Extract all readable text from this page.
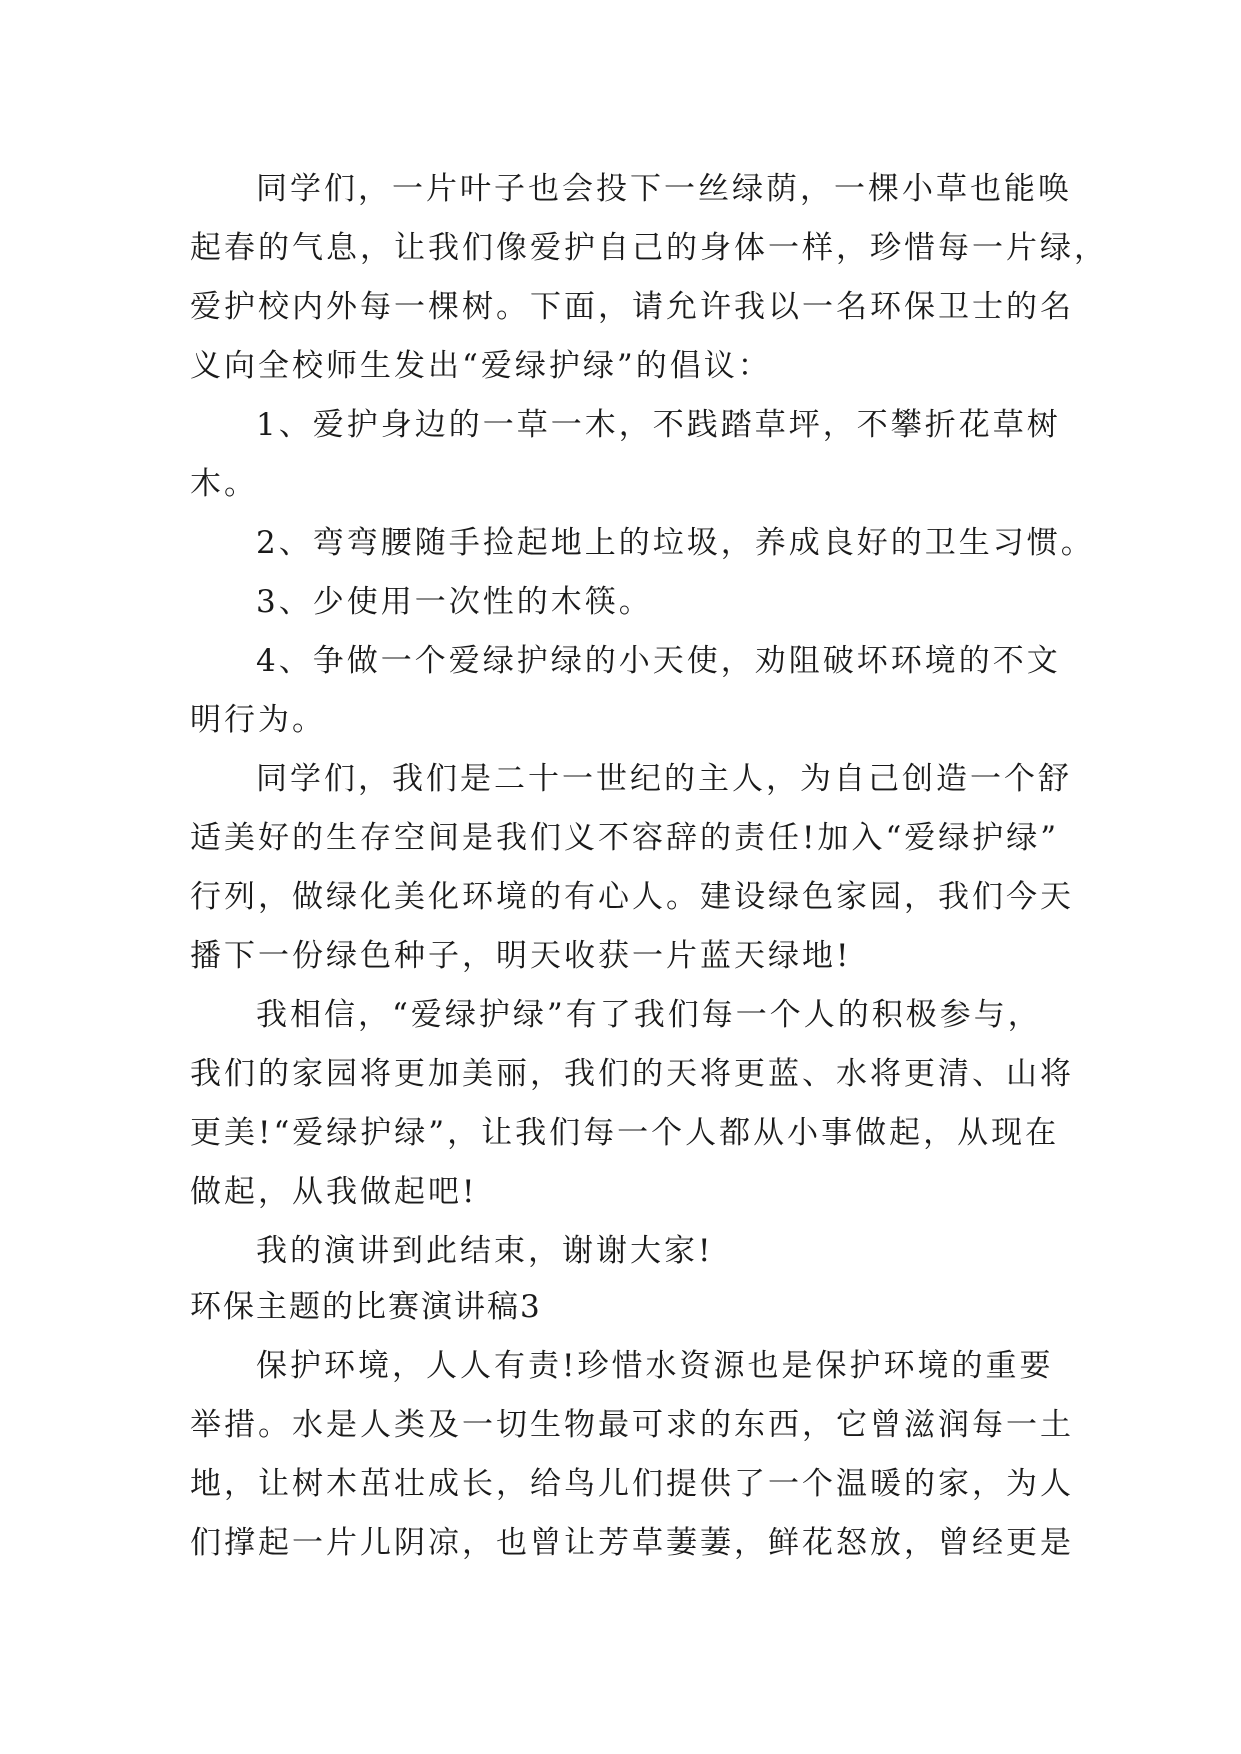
同学们，一片叶子也会投下一丝绿荫，一棵小草也能唤
起春的气息，让我们像爱护自己的身体一样，珍惜每一片绿，
爱护校内外每一棵树。下面，请允许我以一名环保卫士的名
义向全校师生发出“爱绿护绿”的倡议：
1、爱护身边的一草一木，不践踏草坪，不攀折花草树
木。
2、弯弯腰随手捡起地上的垃圾，养成良好的卫生习惯。
3、少使用一次性的木筷。
4、争做一个爱绿护绿的小天使，劝阻破坏环境的不文
明行为。
同学们，我们是二十一世纪的主人，为自己创造一个舒
适美好的生存空间是我们义不容辞的责任!加入“爱绿护绿”
行列，做绿化美化环境的有心人。建设绿色家园，我们今天
播下一份绿色种子，明天收获一片蓝天绿地!
我相信，“爱绿护绿”有了我们每一个人的积极参与，
我们的家园将更加美丽，我们的天将更蓝、水将更清、山将
更美!“爱绿护绿”，让我们每一个人都从小事做起，从现在
做起，从我做起吧!
我的演讲到此结束，谢谢大家!
环保主题的比赛演讲稿3
保护环境，人人有责!珍惜水资源也是保护环境的重要
举措。水是人类及一切生物最可求的东西，它曾滋润每一土
地，让树木茁壮成长，给鸟儿们提供了一个温暖的家，为人
们撑起一片儿阴凉，也曾让芳草萋萋，鲜花怒放，曾经更是
